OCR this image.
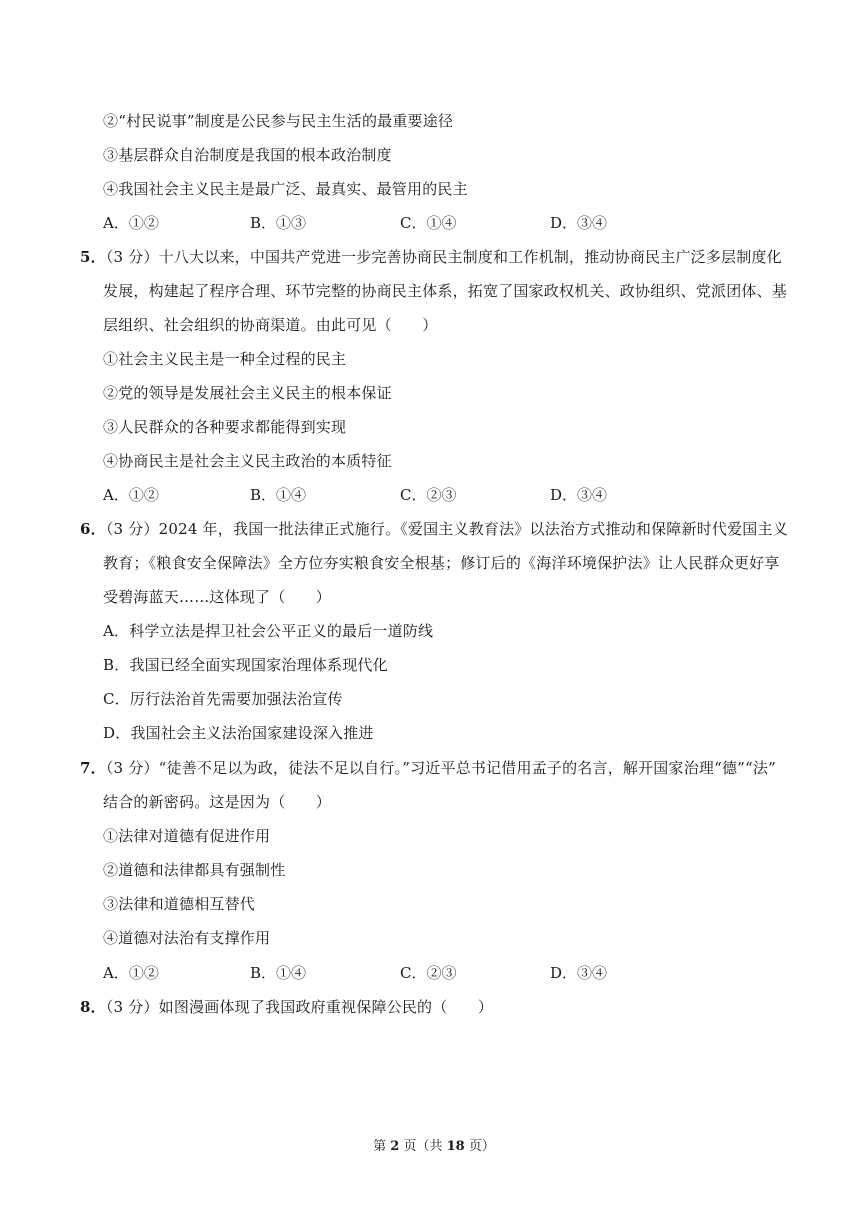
②“村民说事”制度是公民参与民主生活的最重要途径
③基层群众自治制度是我国的根本政治制度
④我国社会主义民主是最广泛、最真实、最管用的民主
A．①②	B．①③	C．①④	D．③④
5．（3 分）十八大以来，中国共产党进一步完善协商民主制度和工作机制，推动协商民主广泛多层制度化
发展，构建起了程序合理、环节完整的协商民主体系，拓宽了国家政权机关、政协组织、党派团体、基
层组织、社会组织的协商渠道。由此可见（　　）
①社会主义民主是一种全过程的民主
②党的领导是发展社会主义民主的根本保证
③人民群众的各种要求都能得到实现
④协商民主是社会主义民主政治的本质特征
A．①②	B．①④	C．②③	D．③④
6．（3 分）2024 年，我国一批法律正式施行。《爱国主义教育法》以法治方式推动和保障新时代爱国主义
教育；《粮食安全保障法》全方位夯实粮食安全根基；修订后的《海洋环境保护法》让人民群众更好享
受碧海蓝天……这体现了（　　）
A．科学立法是捍卫社会公平正义的最后一道防线
B．我国已经全面实现国家治理体系现代化
C．厉行法治首先需要加强法治宣传
D．我国社会主义法治国家建设深入推进
7．（3 分）“徒善不足以为政，徒法不足以自行。”习近平总书记借用孟子的名言，解开国家治理“德”“法”
结合的新密码。这是因为（　　）
①法律对道德有促进作用
②道德和法律都具有强制性
③法律和道德相互替代
④道德对法治有支撑作用
A．①②	B．①④	C．②③	D．③④
8．（3 分）如图漫画体现了我国政府重视保障公民的（　　）
第 2 页（共 18 页）
